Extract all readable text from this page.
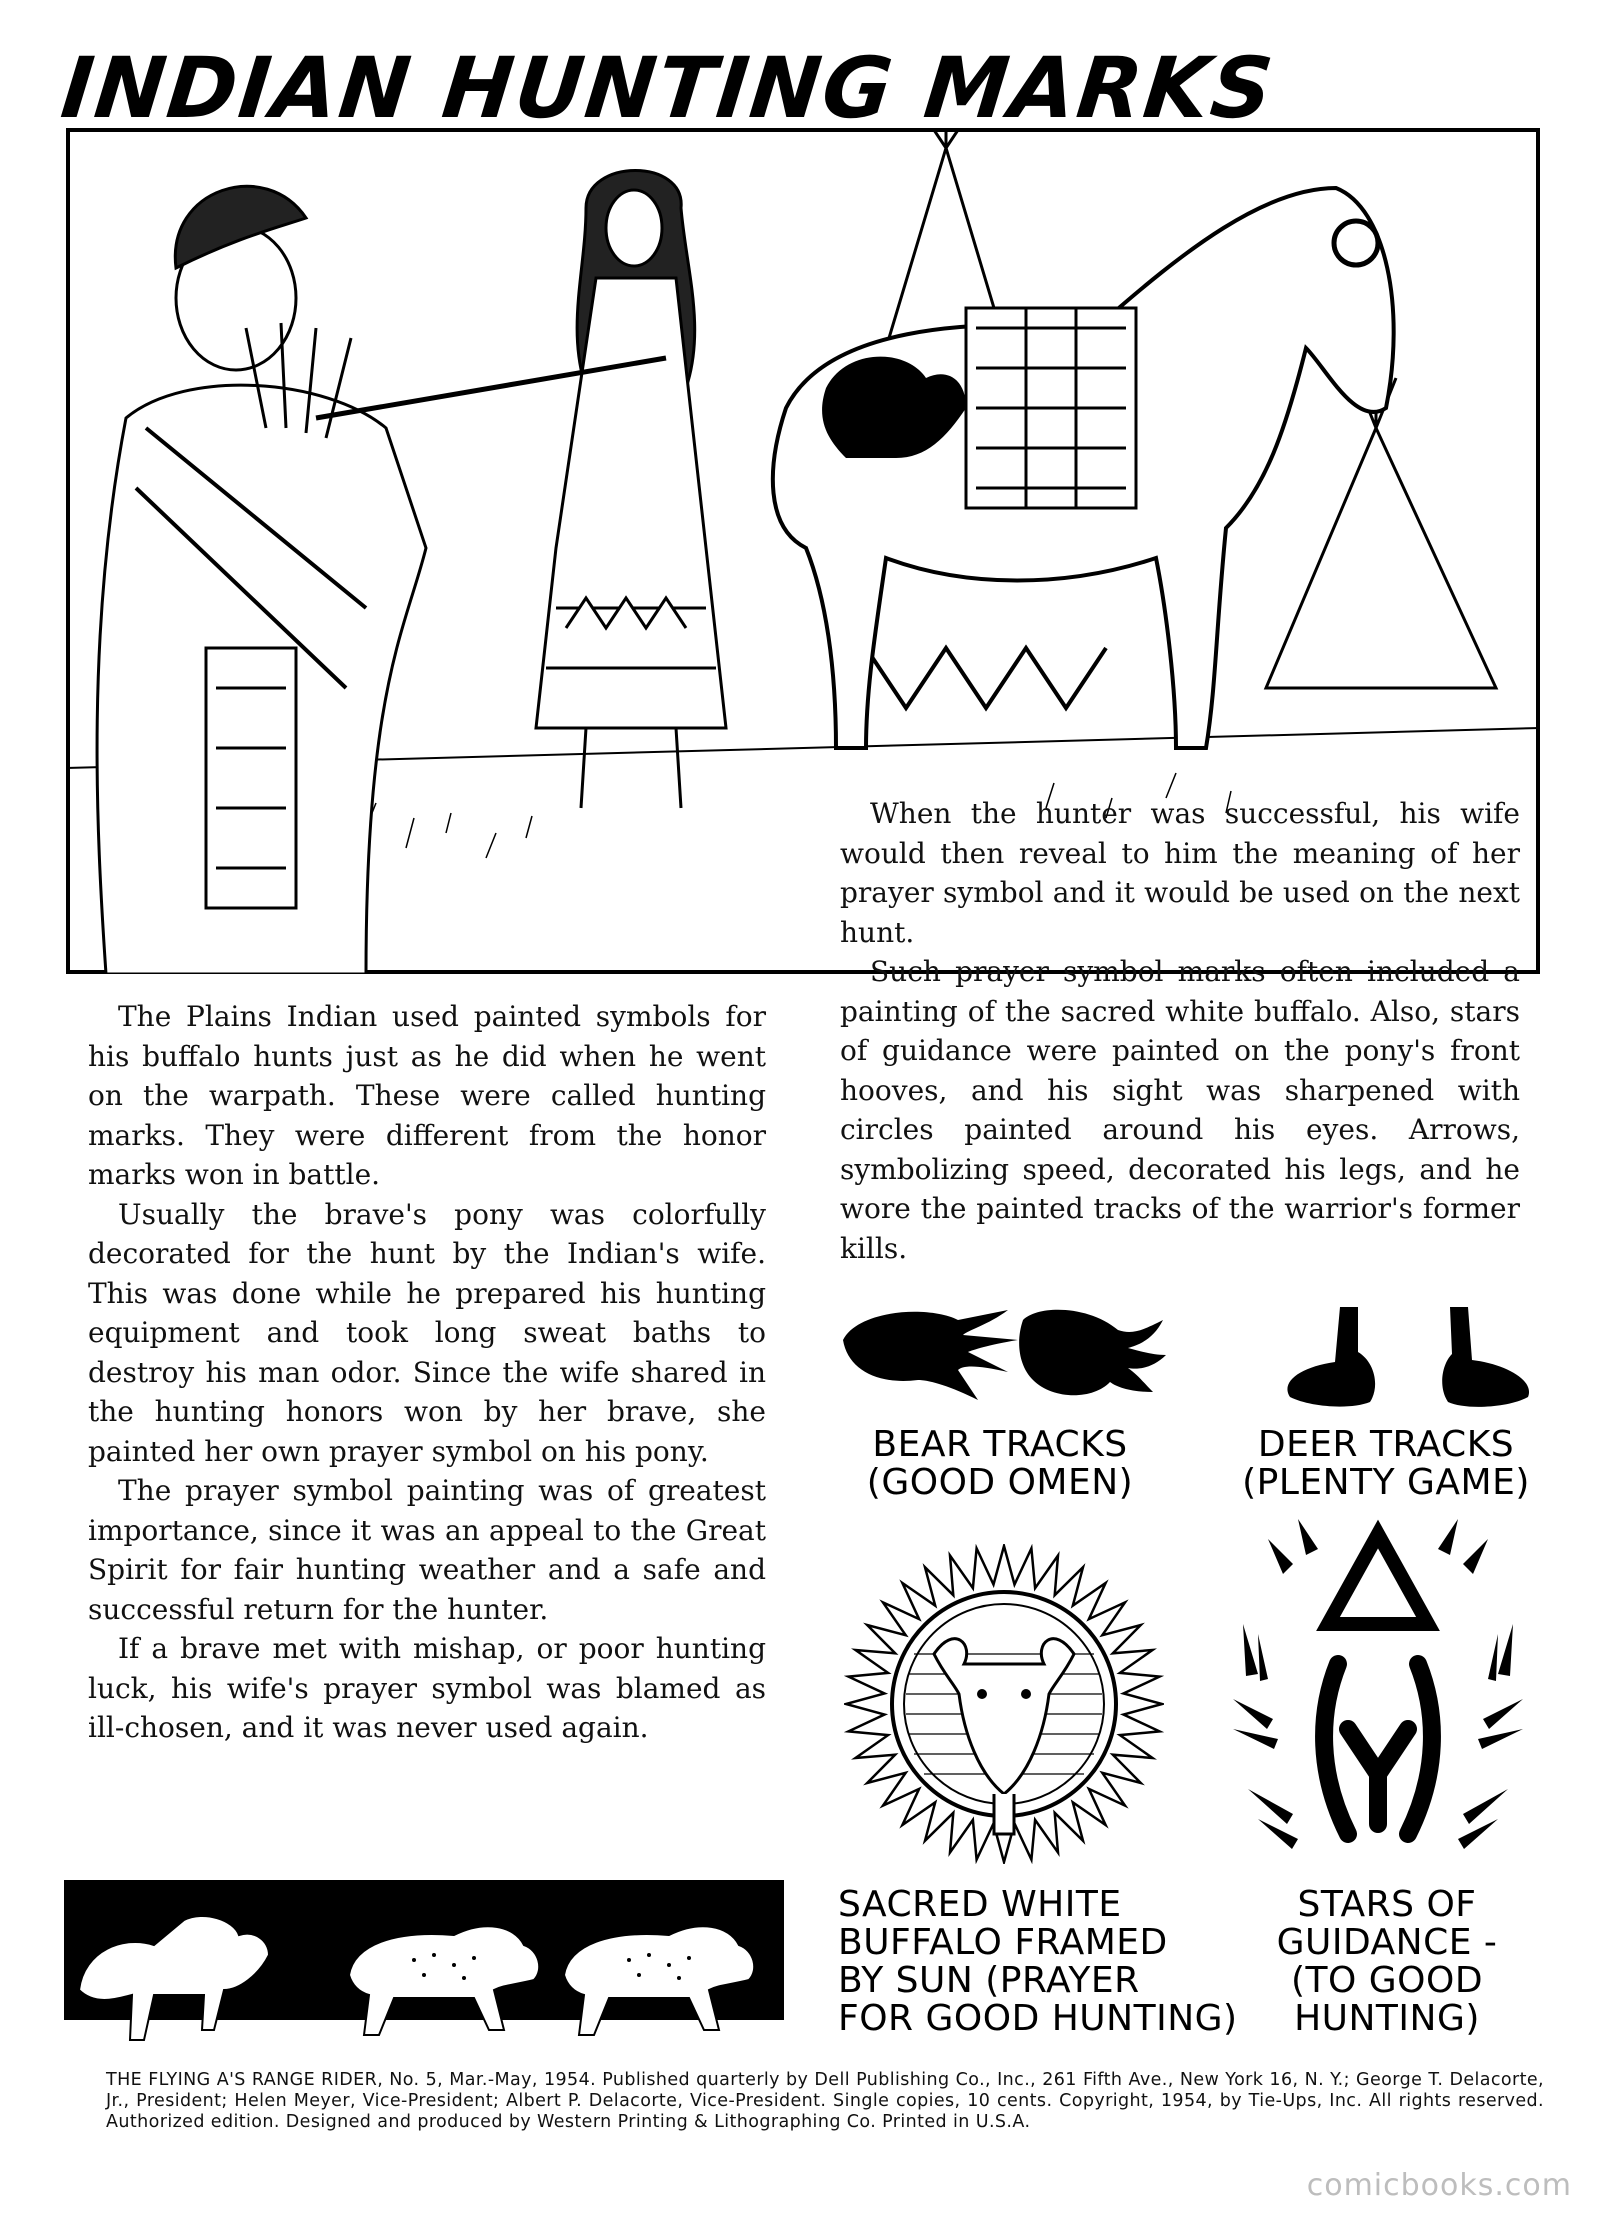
INDIAN HUNTING MARKS

The Plains Indian used painted symbols for his buffalo hunts just as he did when he went on the warpath. These were called hunting marks. They were different from the honor marks won in battle.

Usually the brave's pony was colorfully decorated for the hunt by the Indian's wife. This was done while he prepared his hunting equipment and took long sweat baths to destroy his man odor. Since the wife shared in the hunting honors won by her brave, she painted her own prayer symbol on his pony.

The prayer symbol painting was of greatest importance, since it was an appeal to the Great Spirit for fair hunting weather and a safe and successful return for the hunter.

If a brave met with mishap, or poor hunting luck, his wife's prayer symbol was blamed as ill-chosen, and it was never used again.

When the hunter was successful, his wife would then reveal to him the meaning of her prayer symbol and it would be used on the next hunt.

Such prayer symbol marks often included a painting of the sacred white buffalo. Also, stars of guidance were painted on the pony's front hooves, and his sight was sharpened with circles painted around his eyes. Arrows, symbolizing speed, decorated his legs, and he wore the painted tracks of the warrior's former kills.

BEAR TRACKS
(GOOD OMEN)
DEER TRACKS
(PLENTY GAME)
SACRED WHITE
BUFFALO FRAMED
BY SUN (PRAYER
FOR GOOD HUNTING)
STARS OF
GUIDANCE -
(TO GOOD
HUNTING)
THE FLYING A'S RANGE RIDER, No. 5, Mar.-May, 1954. Published quarterly by Dell Publishing Co., Inc., 261 Fifth Ave., New York 16, N. Y.; George T. Delacorte, Jr., President; Helen Meyer, Vice-President; Albert P. Delacorte, Vice-President. Single copies, 10 cents. Copyright, 1954, by Tie-Ups, Inc. All rights reserved. Authorized edition. Designed and produced by Western Printing & Lithographing Co. Printed in U.S.A.
comicbooks.com
